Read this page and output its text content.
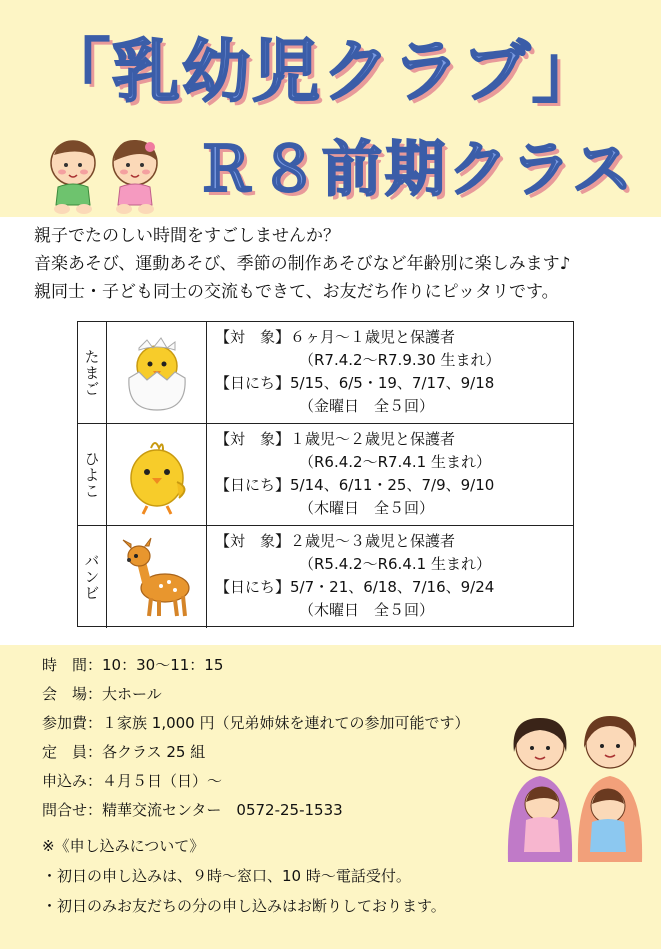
「乳幼児クラブ」
Ｒ８前期クラス
親子でたのしい時間をすごしませんか？
音楽あそび、運動あそび、季節の制作あそびなど年齢別に楽しみます♪
親同士・子ども同士の交流もできて、お友だち作りにピッタリです。
たまご
【対　象】６ヶ月〜１歳児と保護者
（R7.4.2〜R7.9.30 生まれ）
【日にち】5/15、6/5・19、7/17、9/18
（金曜日　全５回）
ひよこ
【対　象】１歳児〜２歳児と保護者
（R6.4.2〜R7.4.1 生まれ）
【日にち】5/14、6/11・25、7/9、9/10
（木曜日　全５回）
バンビ
【対　象】２歳児〜３歳児と保護者
（R5.4.2〜R6.4.1 生まれ）
【日にち】5/7・21、6/18、7/16、9/24
（木曜日　全５回）
時　間：10：30〜11：15
会　場：大ホール
参加費：１家族 1,000 円（兄弟姉妹を連れての参加可能です）
定　員：各クラス 25 組
申込み：４月５日（日）〜
問合せ：精華交流センター　0572-25-1533
※《申し込みについて》
・初日の申し込みは、９時〜窓口、10 時〜電話受付。
・初日のみお友だちの分の申し込みはお断りしております。
